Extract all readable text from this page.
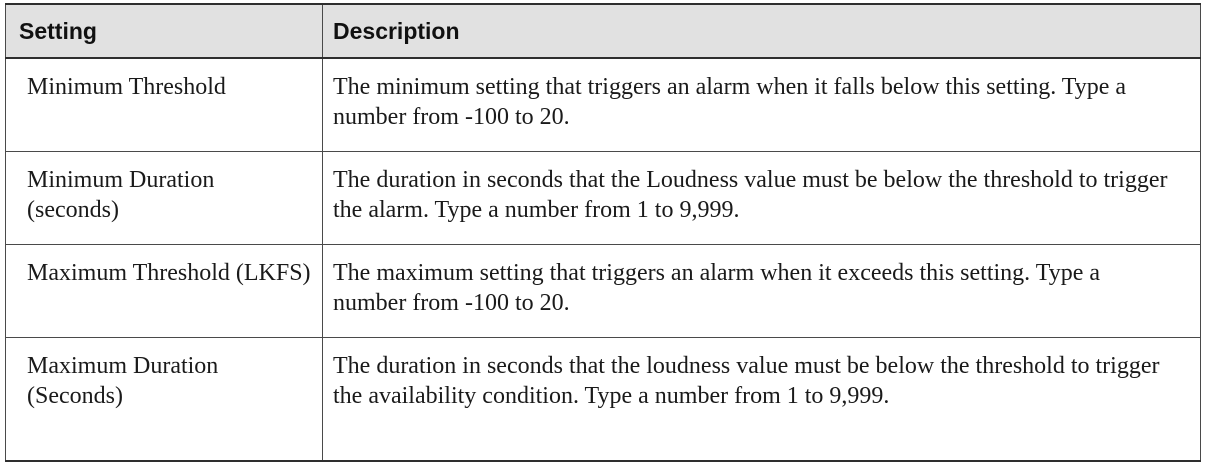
Setting	Description
Minimum Threshold	The minimum setting that triggers an alarm when it falls below this setting. Type a number from -100 to 20.
Minimum Duration (seconds)	The duration in seconds that the Loudness value must be below the threshold to trigger the alarm. Type a number from 1 to 9,999.
Maximum Threshold (LKFS)	The maximum setting that triggers an alarm when it exceeds this setting. Type a number from -100 to 20.
Maximum Duration (Seconds)	The duration in seconds that the loudness value must be below the threshold to trigger the availability condition. Type a number from 1 to 9,999.
